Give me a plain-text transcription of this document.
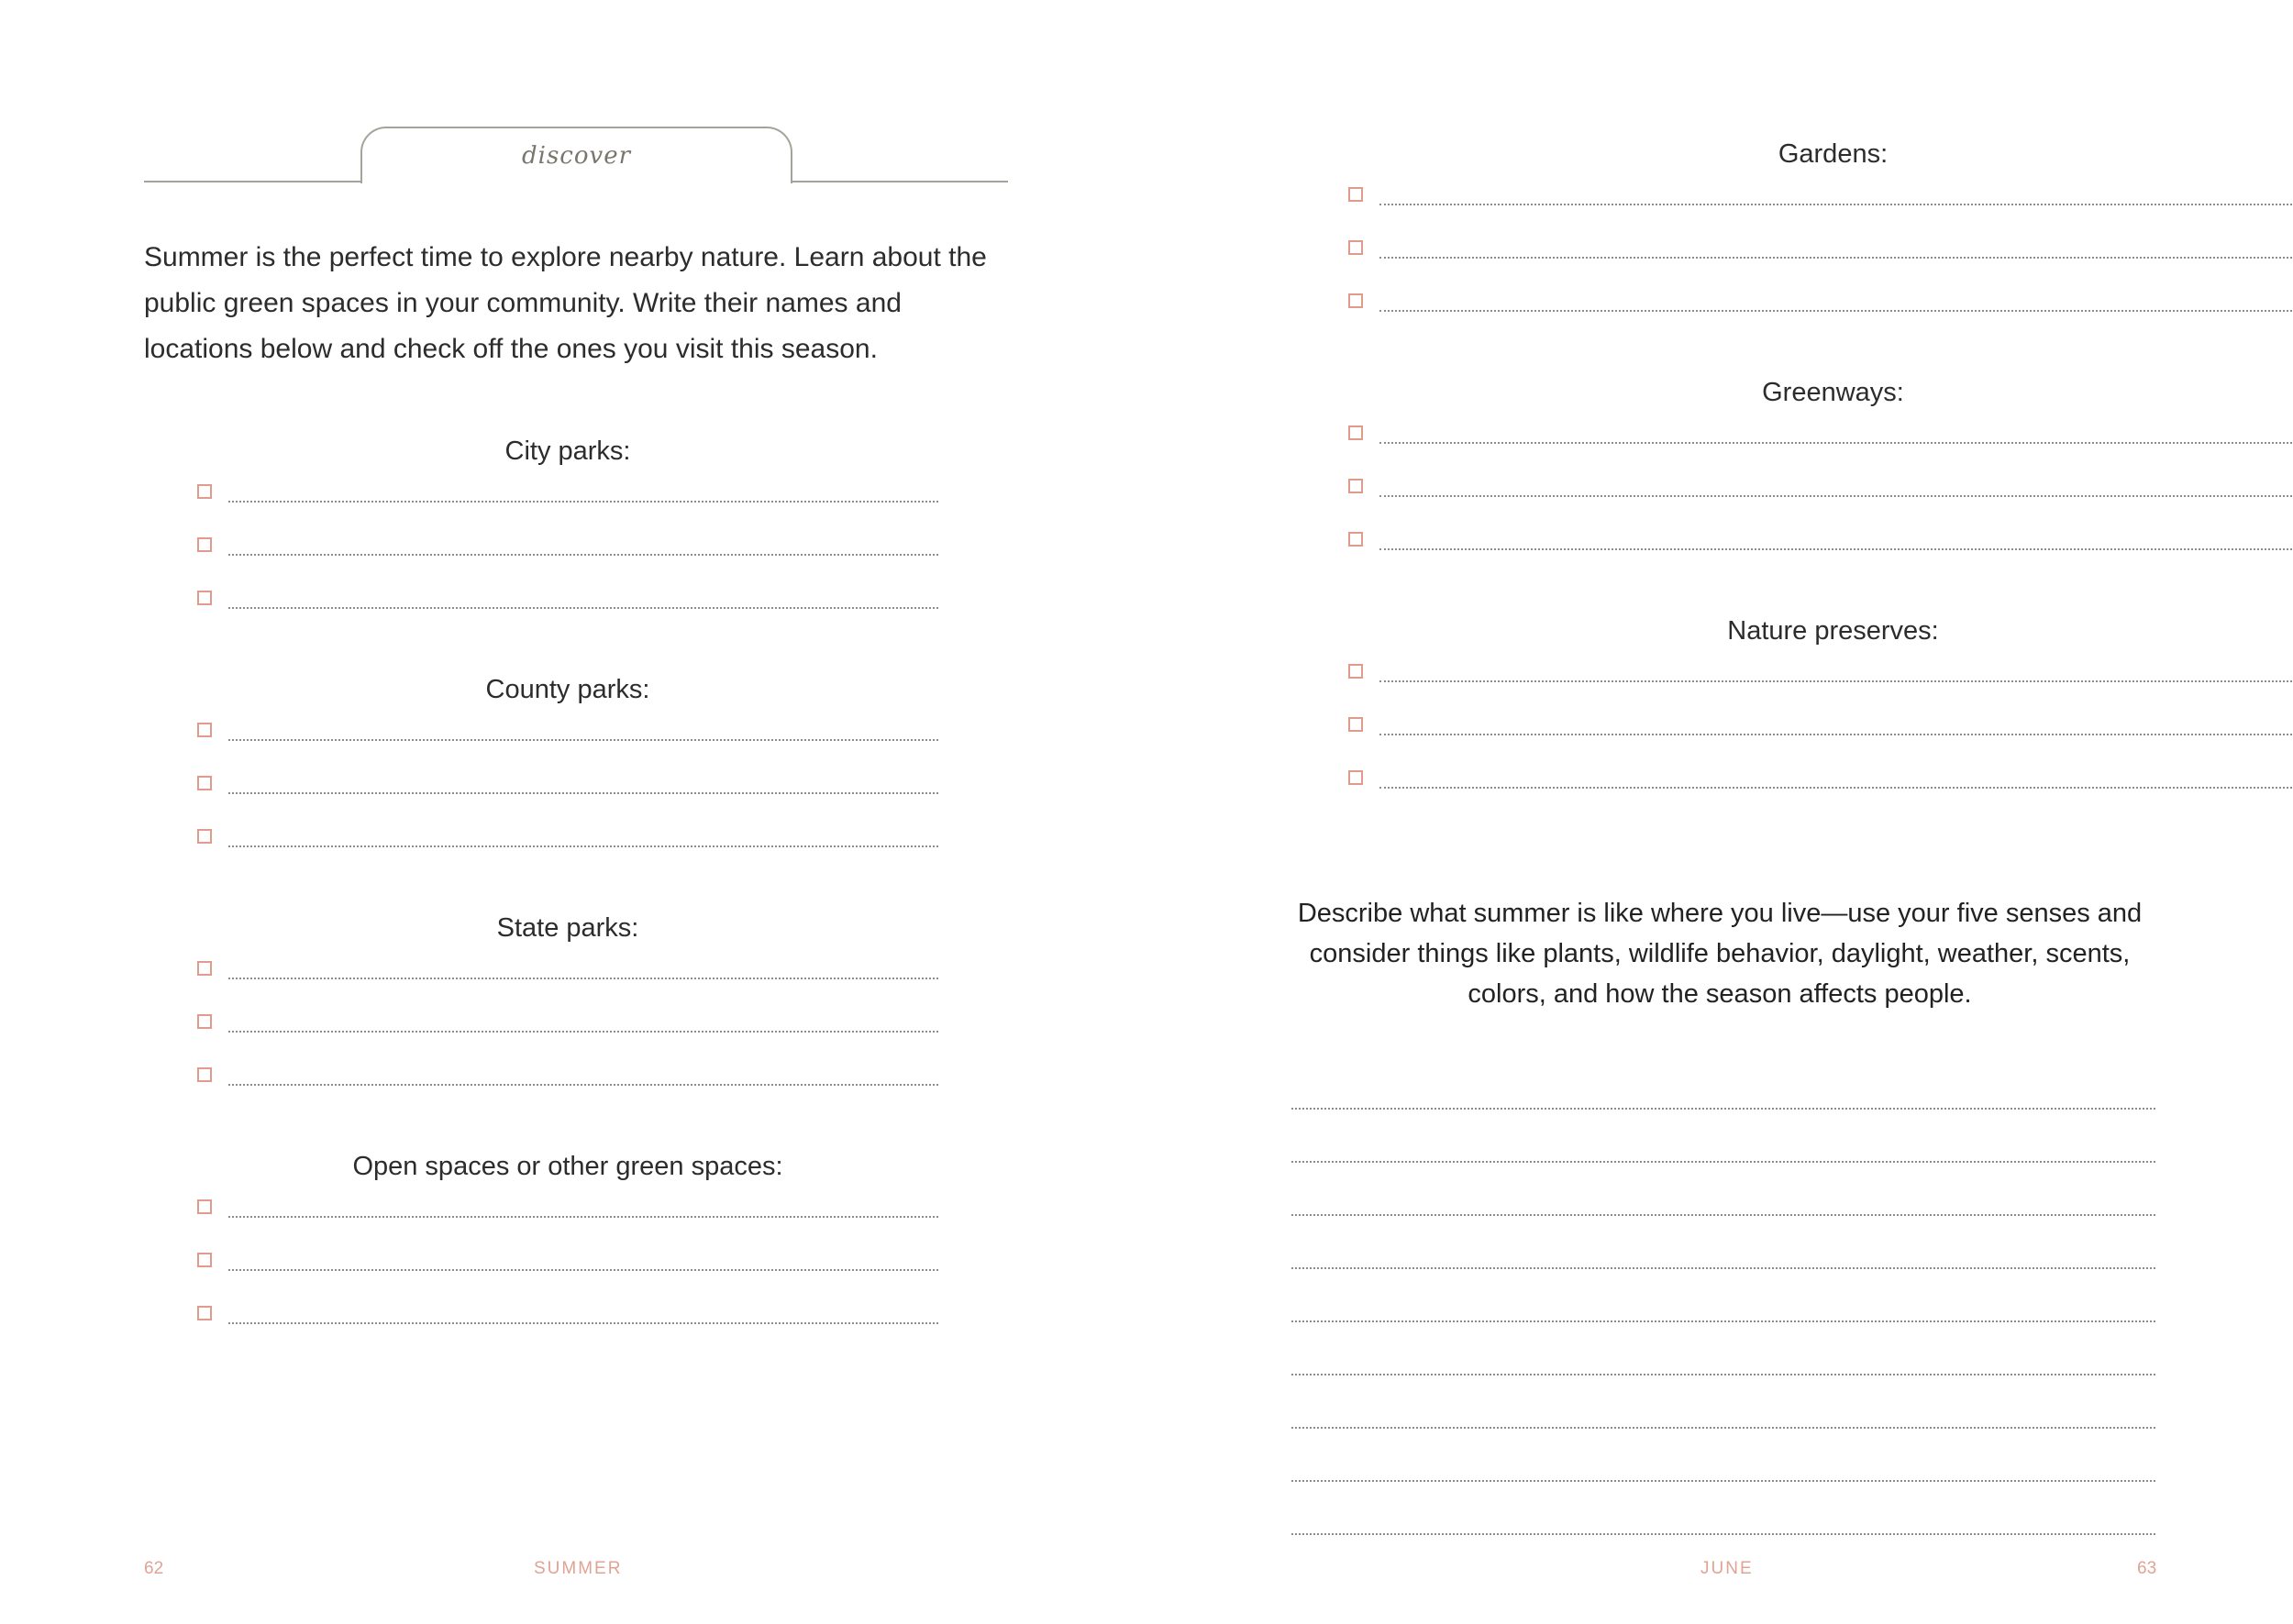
discover

Summer is the perfect time to explore nearby nature. Learn about the public green spaces in your community. Write their names and locations below and check off the ones you visit this season.

City parks:
County parks:
State parks:
Open spaces or other green spaces:
62	SUMMER
Gardens:
Greenways:
Nature preserves:

Describe what summer is like where you live—use your five senses and consider things like plants, wildlife behavior, daylight, weather, scents, colors, and how the season affects people.

JUNE	63
